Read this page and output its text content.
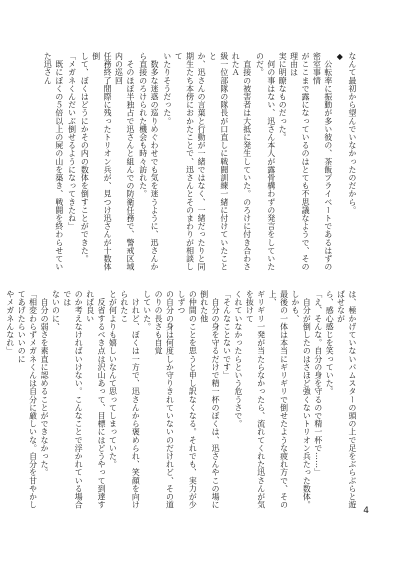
なんて最初から望んでいなかったのだから。
◆
　公転率に振動が多い彼の、茶飯プライベートであるはずの密室事情
がここまで露になっているのはとても不思議なようで、その理由は
実に明瞭なものだった。
　何の事はない、迅さん本人が露骨構わずの発言をしていたのだ。
　直接の被害者は大抵に発生していた。のろけに付き合わされたＡ
級一位部隊の隊長が口直しに戦闘訓練一緒に付けていたことと
か、迅さんの言葉と行動が一緒ではなく、一緒だったりと同
期生たち本傍におかたことで、迅さんとそのまわりが相談して
いたりそうだった。
　数多な迷惑の巡りめぐわせでも気を迷うように、迅さんか
ら直接のろけられた機会も時々訪れた。
　そのほぼ半独占で迅さんと組んでの防衛任務で、警戒区域内の巡回
任務終了間際に残ったトリオン兵が、見つけ迅さんが十数体倒
して、ぼくはどうにかその内の数体を倒すことができた。
「メガネくんだいぶ倒せるようになってきたね」
　既にぼくの５倍以上の屍の山を築き、戦闘を終わらせていた迅さん
は、極かげていないパムスターの頭の上で足をぶらぶらと遊ばせなが
ら、感心感じを笑っていた。
「え、そんな。自分の身を守るので精一杯で……」
　自分が倒したのはさほど強くないトリオン兵たった数体。しかも、
最後の一体は本当にギリギリで倒せたような疲れ方で、その上、
ギリギリ一発が当たらなかったら、流れてくれた迅さんが気を抜けて
くれていなかったらという危うさで。
「そんなことないです」
　自分の身を守るだけで精一杯のぼくは、迅さんやこの場に倒れた他
の仲間のことを思うと申し訳なくなる。それでも、実力が少しずつ
の自分の身は何度しか守りきれていないのだけれど、その道のりの長さも自覚
していた。
　けれど、ぼくは一方で、迅さんから褒められ、笑顔を向けられたこ
とが何よりも嬉しいなんて思ってしまっていた。
　反省するべき点は沢山あって、目標にはどうやって到達すれば良い
のか考えなければいけない。こんなことで浮かれている場合では
ないのに、
　自分の弱さを素直に認めることができなかった。
「相変わらずメガネくんは自分に厳しいな。自分を甘やかしてあげたらいいのに
やメガネんなれ」
4
